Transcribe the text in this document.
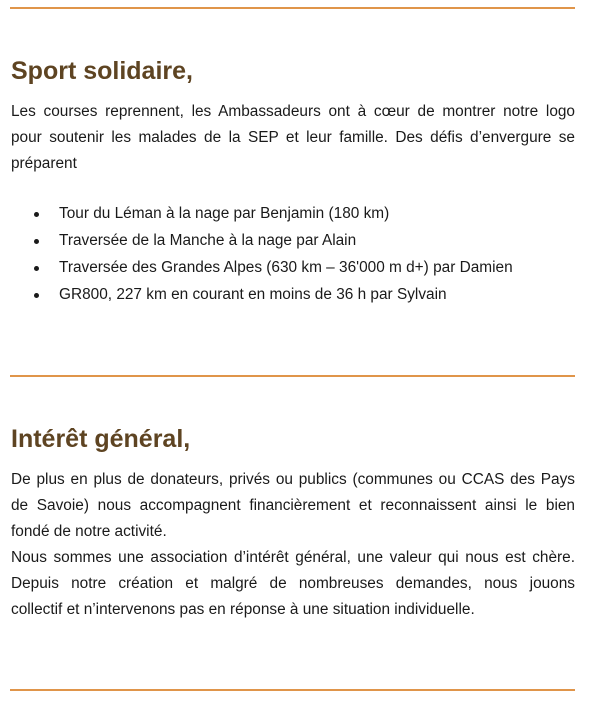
Sport solidaire,
Les courses reprennent, les Ambassadeurs ont à cœur de montrer notre logo
pour soutenir les malades de la SEP et leur famille. Des défis d’envergure se
préparent
Tour du Léman à la nage par Benjamin (180 km)
Traversée de la Manche à la nage par Alain
Traversée des Grandes Alpes (630 km – 36'000 m d+) par Damien
GR800, 227 km en courant en moins de 36 h par Sylvain
Intérêt général,
De plus en plus de donateurs, privés ou publics (communes ou CCAS des Pays
de Savoie) nous accompagnent financièrement et reconnaissent ainsi le bien
fondé de notre activité.
Nous sommes une association d’intérêt général, une valeur qui nous est chère.
Depuis notre création et malgré de nombreuses demandes, nous jouons
collectif et n’intervenons pas en réponse à une situation individuelle.
